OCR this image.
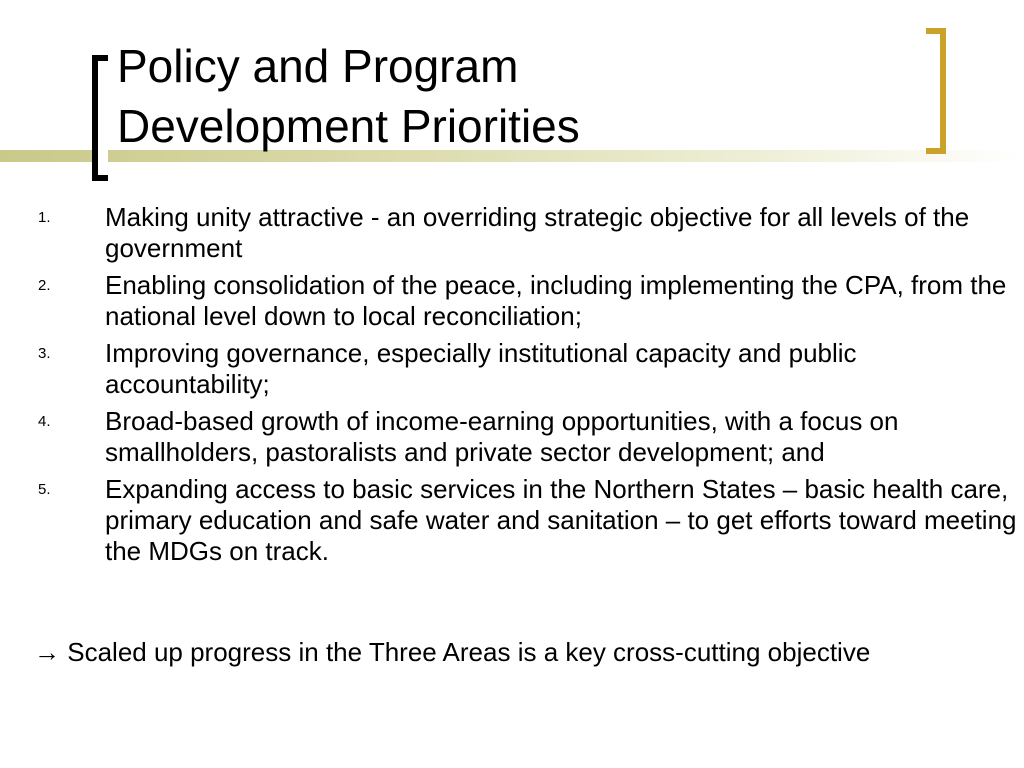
Policy and Program
Development Priorities
1. Making unity attractive - an overriding strategic objective for all levels of the government
2. Enabling consolidation of the peace, including implementing the CPA, from the national level down to local reconciliation;
3. Improving governance, especially institutional capacity and public accountability;
4. Broad-based growth of income-earning opportunities, with a focus on smallholders, pastoralists and private sector development; and
5. Expanding access to basic services in the Northern States – basic health care, primary education and safe water and sanitation – to get efforts toward meeting the MDGs on track.

→ Scaled up progress in the Three Areas is a key cross-cutting objective
